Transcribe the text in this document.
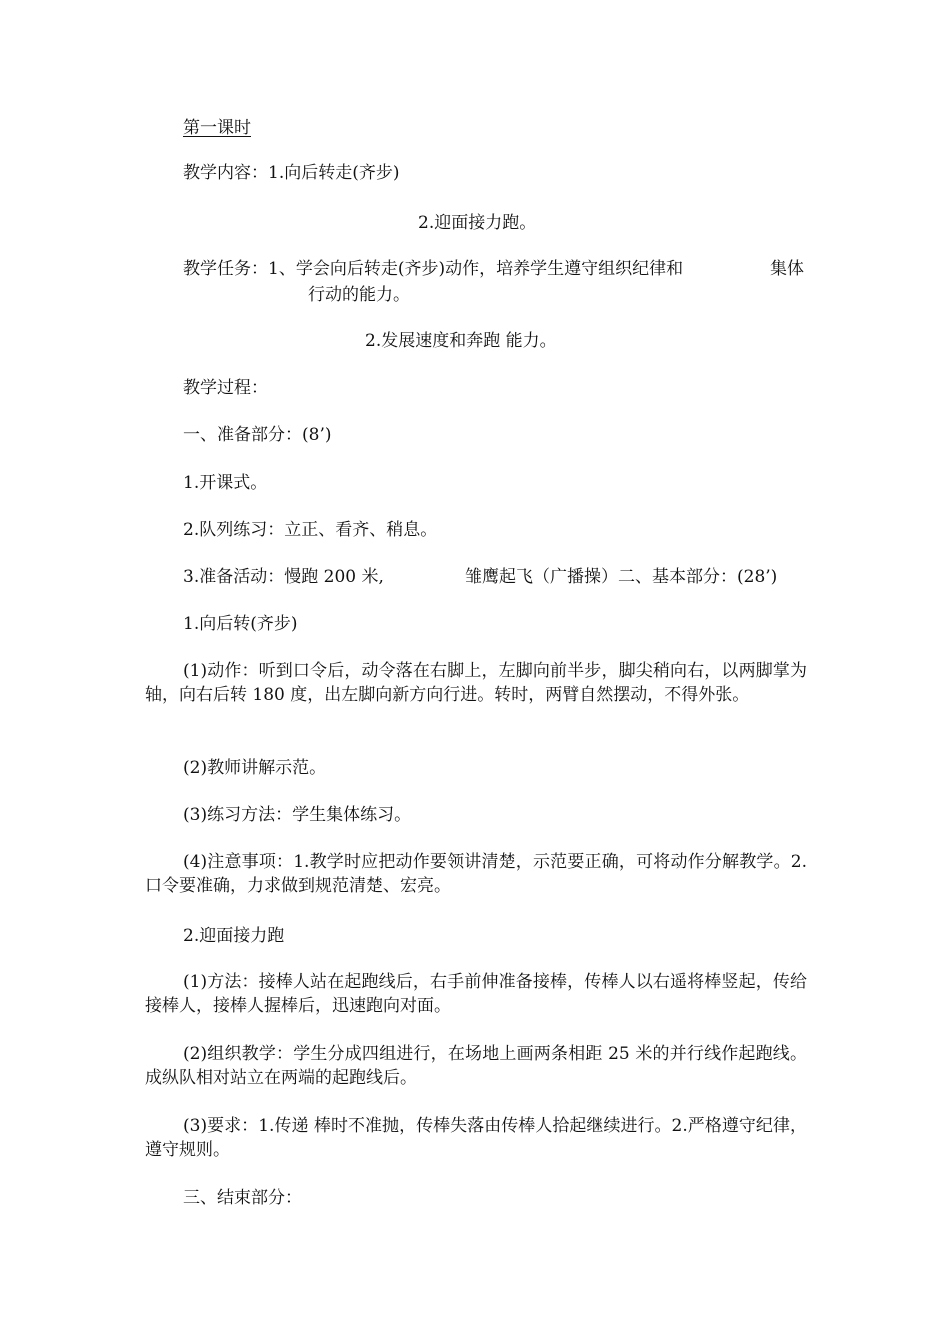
第一课时

教学内容：1.向后转走(齐步)

2.迎面接力跑。

教学任务：1、学会向后转走(齐步)动作，培养学生遵守组织纪律和	集体

行动的能力。

2.发展速度和奔跑 能力。

教学过程：

一、准备部分：(8’)

1.开课式。

2.队列练习：立正、看齐、稍息。

3.准备活动：慢跑 200 米,	雏鹰起飞（广播操）二、基本部分：(28’)

1.向后转(齐步)

(1)动作：听到口令后，动令落在右脚上，左脚向前半步，脚尖稍向右，以两脚掌为轴，向右后转 180 度，出左脚向新方向行进。转时，两臂自然摆动，不得外张。

(2)教师讲解示范。

(3)练习方法：学生集体练习。

(4)注意事项：1.教学时应把动作要领讲清楚，示范要正确，可将动作分解教学。2.口令要准确，力求做到规范清楚、宏亮。

2.迎面接力跑

(1)方法：接棒人站在起跑线后，右手前伸准备接棒，传棒人以右遥将棒竖起，传给接棒人，接棒人握棒后，迅速跑向对面。

(2)组织教学：学生分成四组进行，在场地上画两条相距 25 米的并行线作起跑线。成纵队相对站立在两端的起跑线后。

(3)要求：1.传递 棒时不准抛，传棒失落由传棒人拾起继续进行。2.严格遵守纪律，遵守规则。

三、结束部分：
